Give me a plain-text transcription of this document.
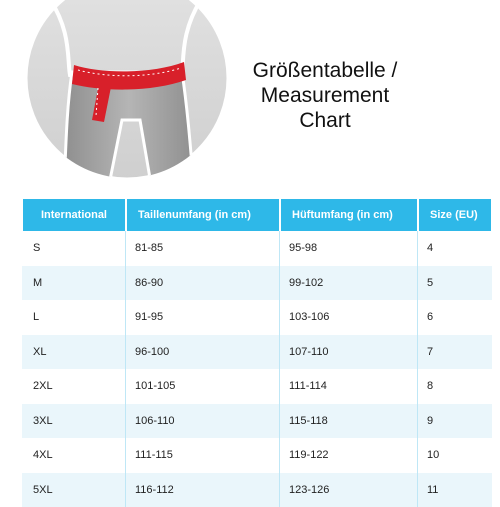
Größentabelle /
Measurement
Chart
International	Taillenumfang (in cm)	Hüftumfang (in cm)	Size (EU)
S	81-85	95-98	4
M	86-90	99-102	5
L	91-95	103-106	6
XL	96-100	107-110	7
2XL	101-105	111-114	8
3XL	106-110	115-118	9
4XL	111-115	119-122	10
5XL	116-112	123-126	11
